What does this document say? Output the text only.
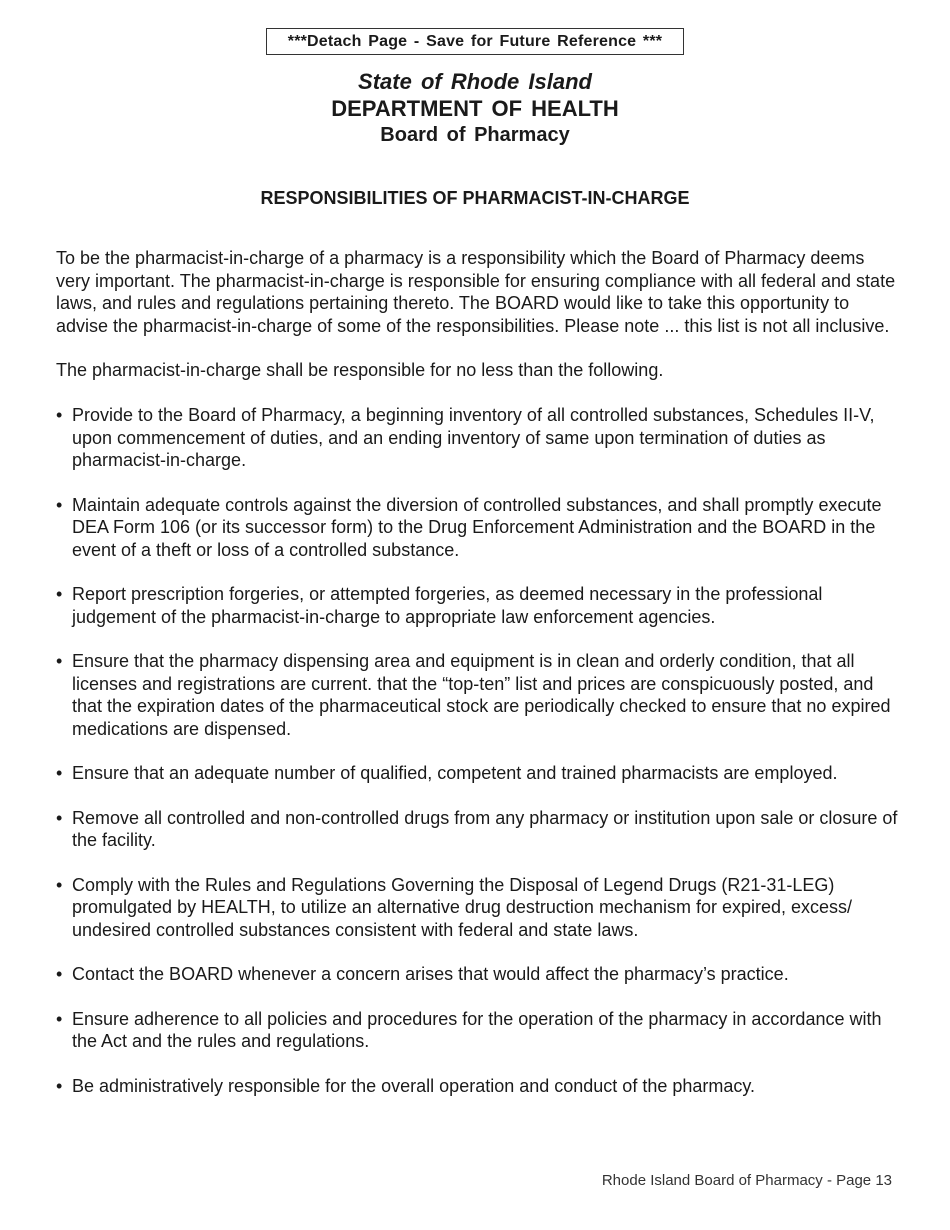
***Detach Page - Save for Future Reference ***
State of Rhode Island
DEPARTMENT OF HEALTH
Board of Pharmacy
RESPONSIBILITIES OF PHARMACIST-IN-CHARGE

To be the pharmacist-in-charge of a pharmacy is a responsibility which the Board of Pharmacy deems very important. The pharmacist-in-charge is responsible for ensuring compliance with all federal and state laws, and rules and regulations pertaining thereto. The BOARD would like to take this opportunity to advise the pharmacist-in-charge of some of the responsibilities. Please note ... this list is not all inclusive.

The pharmacist-in-charge shall be responsible for no less than the following.

• Provide to the Board of Pharmacy, a beginning inventory of all controlled substances, Schedules II-V, upon commencement of duties, and an ending inventory of same upon termination of duties as pharmacist-in-charge.
• Maintain adequate controls against the diversion of controlled substances, and shall promptly execute DEA Form 106 (or its successor form) to the Drug Enforcement Administration and the BOARD in the event of a theft or loss of a controlled substance.
• Report prescription forgeries, or attempted forgeries, as deemed necessary in the professional judgement of the pharmacist-in-charge to appropriate law enforcement agencies.
• Ensure that the pharmacy dispensing area and equipment is in clean and orderly condition, that all licenses and registrations are current. that the “top-ten” list and prices are conspicuously posted, and that the expiration dates of the pharmaceutical stock are periodically checked to ensure that no expired medications are dispensed.
• Ensure that an adequate number of qualified, competent and trained pharmacists are employed.
• Remove all controlled and non-controlled drugs from any pharmacy or institution upon sale or closure of the facility.
• Comply with the Rules and Regulations Governing the Disposal of Legend Drugs (R21-31-LEG) promulgated by HEALTH, to utilize an alternative drug destruction mechanism for expired, excess/ undesired controlled substances consistent with federal and state laws.
• Contact the BOARD whenever a concern arises that would affect the pharmacy’s practice.
• Ensure adherence to all policies and procedures for the operation of the pharmacy in accordance with the Act and the rules and regulations.
• Be administratively responsible for the overall operation and conduct of the pharmacy.
Rhode Island Board of Pharmacy - Page 13
